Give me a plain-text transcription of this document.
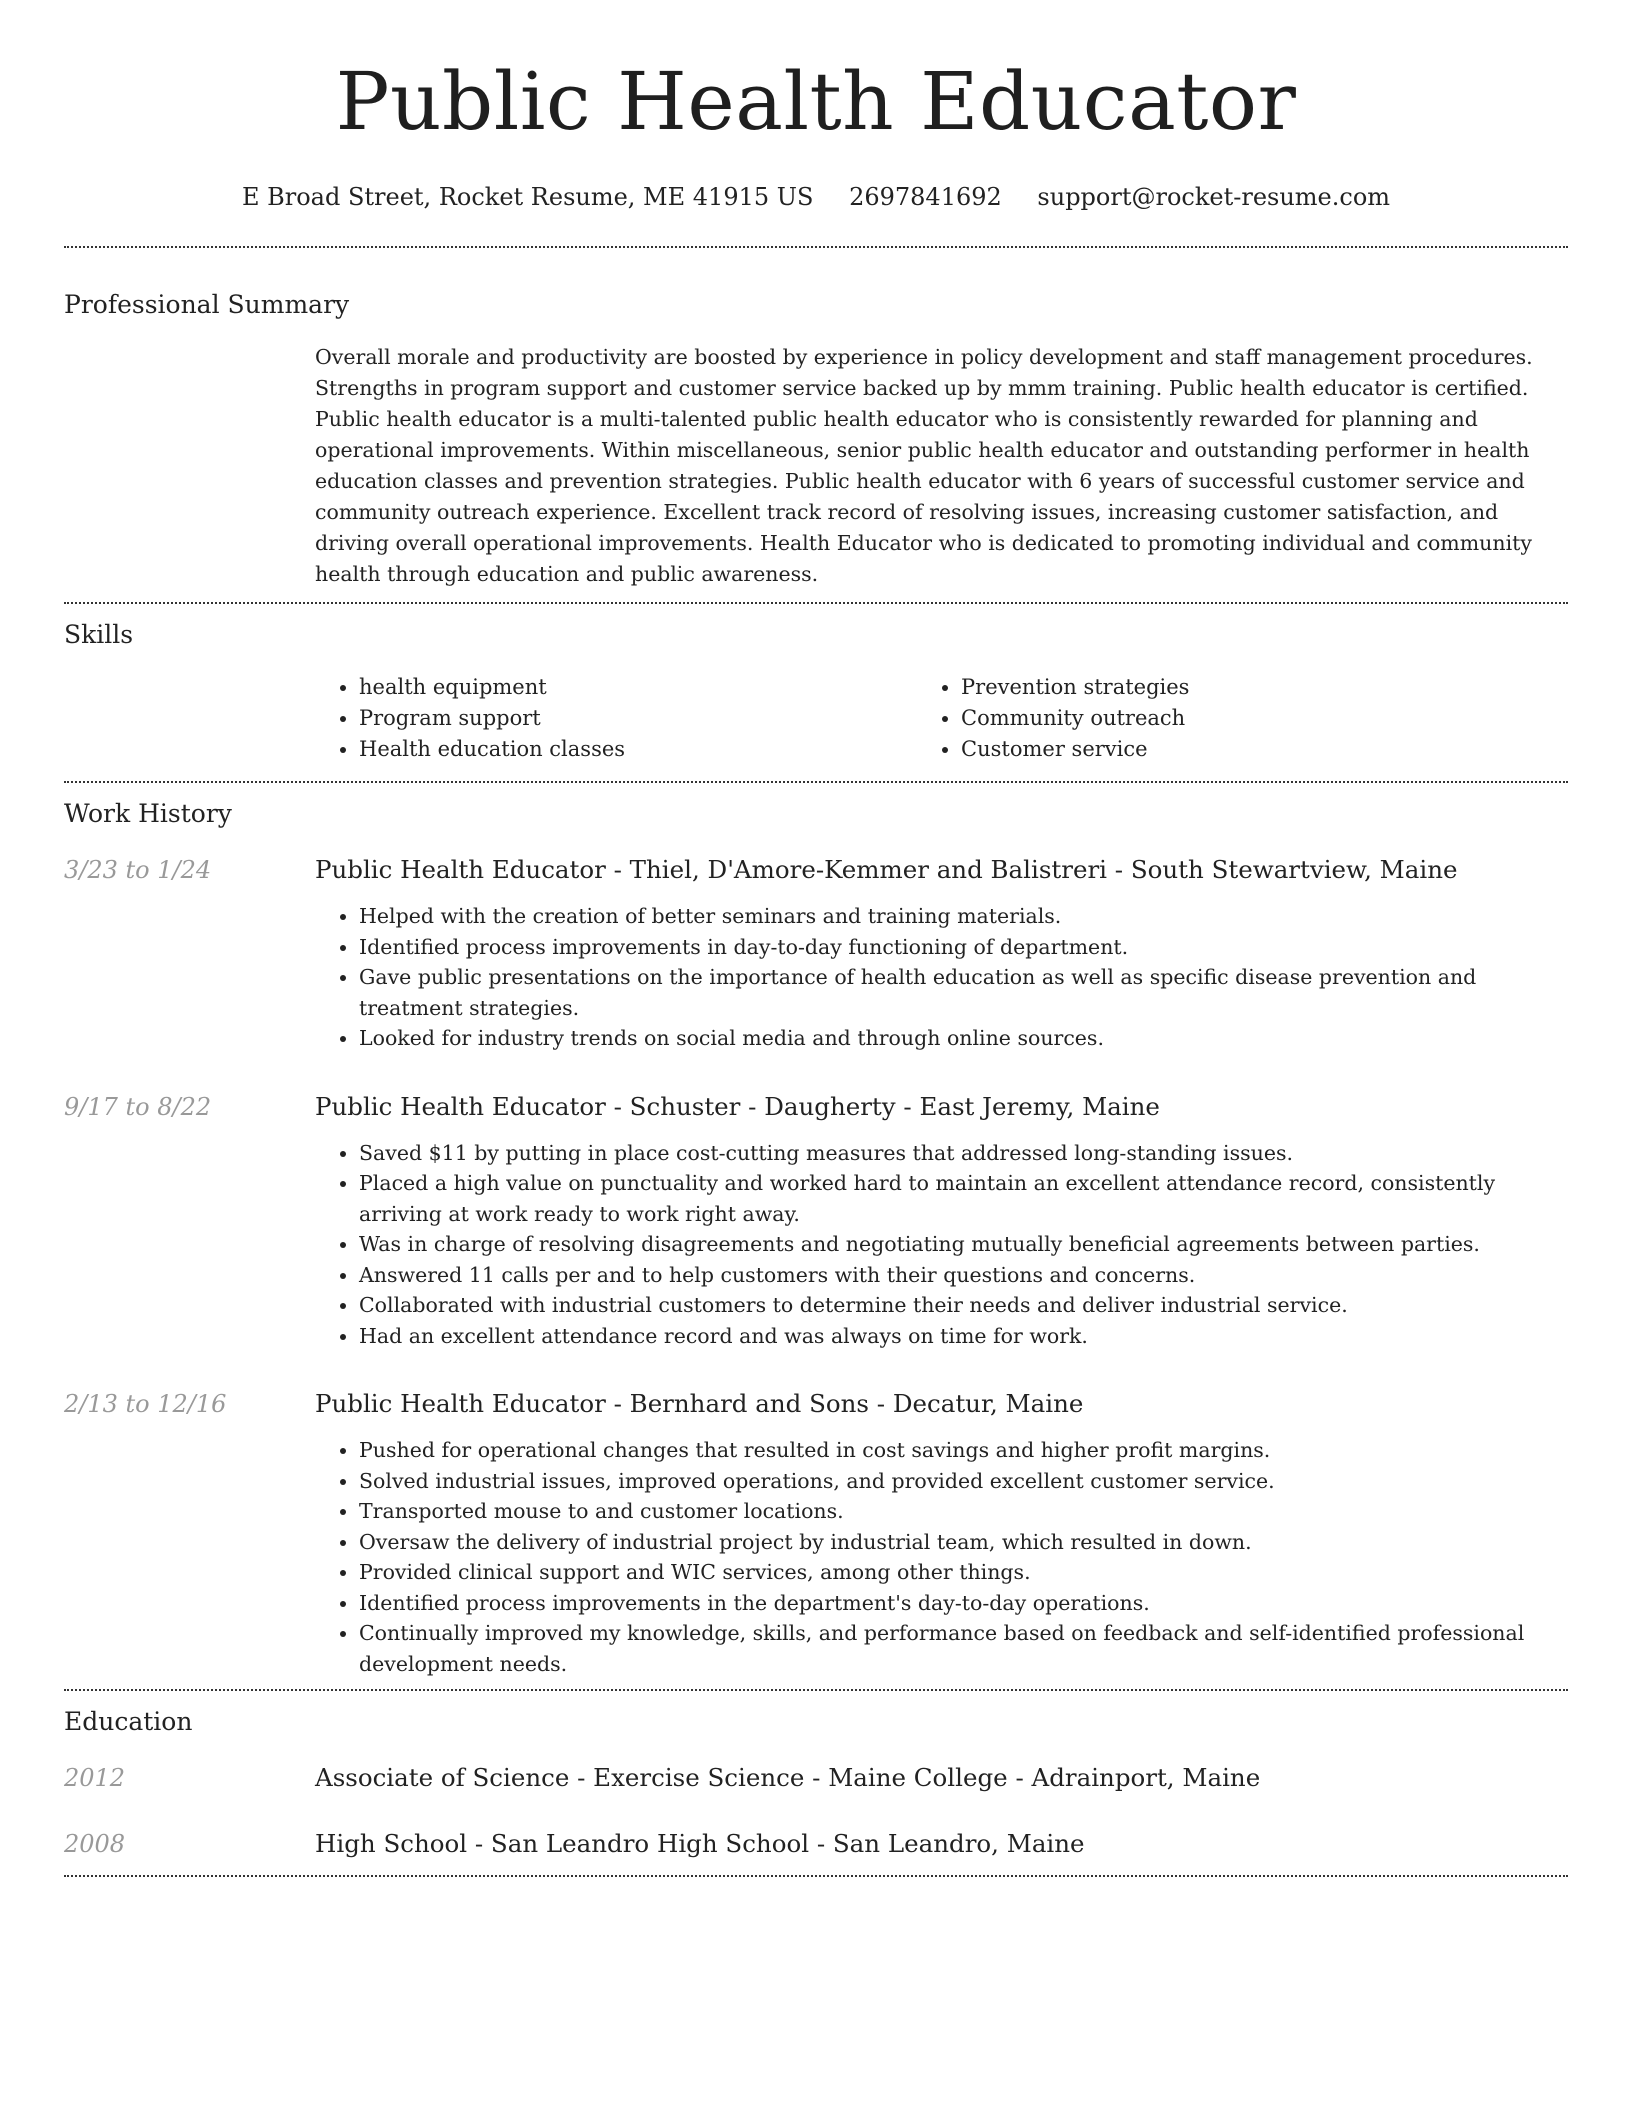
Public Health Educator
E Broad Street, Rocket Resume, ME 41915 US 2697841692 support@rocket-resume.com
Professional Summary
Overall morale and productivity are boosted by experience in policy development and staff management procedures. Strengths in program support and customer service backed up by mmm training. Public health educator is certified. Public health educator is a multi-talented public health educator who is consistently rewarded for planning and operational improvements. Within miscellaneous, senior public health educator and outstanding performer in health education classes and prevention strategies. Public health educator with 6 years of successful customer service and community outreach experience. Excellent track record of resolving issues, increasing customer satisfaction, and driving overall operational improvements. Health Educator who is dedicated to promoting individual and community health through education and public awareness.
Skills
• health equipment
• Program support
• Health education classes
• Prevention strategies
• Community outreach
• Customer service
Work History
3/23 to 1/24	Public Health Educator - Thiel, D'Amore-Kemmer and Balistreri - South Stewartview, Maine
• Helped with the creation of better seminars and training materials.
• Identified process improvements in day-to-day functioning of department.
• Gave public presentations on the importance of health education as well as specific disease prevention and treatment strategies.
• Looked for industry trends on social media and through online sources.
9/17 to 8/22	Public Health Educator - Schuster - Daugherty - East Jeremy, Maine
• Saved $11 by putting in place cost-cutting measures that addressed long-standing issues.
• Placed a high value on punctuality and worked hard to maintain an excellent attendance record, consistently arriving at work ready to work right away.
• Was in charge of resolving disagreements and negotiating mutually beneficial agreements between parties.
• Answered 11 calls per and to help customers with their questions and concerns.
• Collaborated with industrial customers to determine their needs and deliver industrial service.
• Had an excellent attendance record and was always on time for work.
2/13 to 12/16	Public Health Educator - Bernhard and Sons - Decatur, Maine
• Pushed for operational changes that resulted in cost savings and higher profit margins.
• Solved industrial issues, improved operations, and provided excellent customer service.
• Transported mouse to and customer locations.
• Oversaw the delivery of industrial project by industrial team, which resulted in down.
• Provided clinical support and WIC services, among other things.
• Identified process improvements in the department's day-to-day operations.
• Continually improved my knowledge, skills, and performance based on feedback and self-identified professional development needs.
Education
2012	Associate of Science - Exercise Science - Maine College - Adrainport, Maine
2008	High School - San Leandro High School - San Leandro, Maine
